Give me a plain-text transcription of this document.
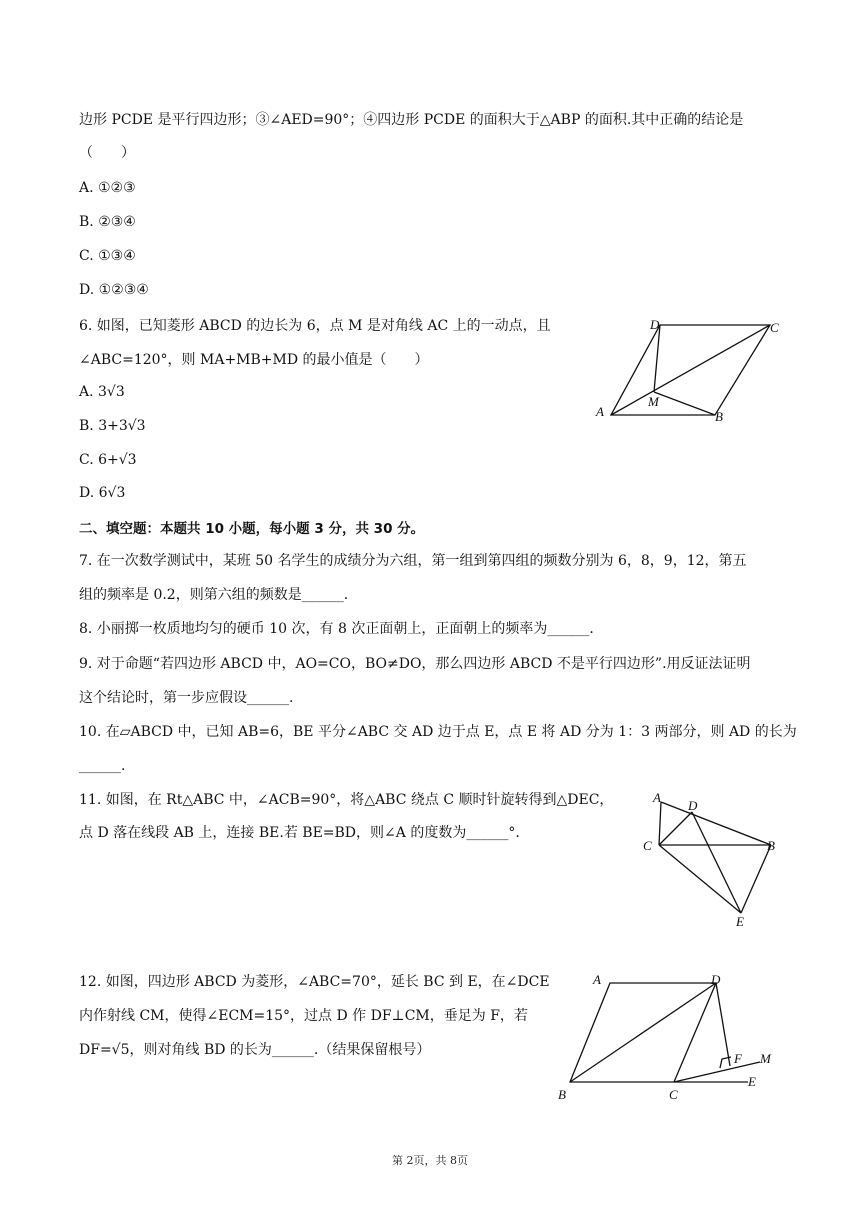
边形 PCDE 是平行四边形；③∠AED=90°；④四边形 PCDE 的面积大于△ABP 的面积.其中正确的结论是
（　　）
A. ①②③
B. ②③④
C. ①③④
D. ①②③④
6. 如图，已知菱形 ABCD 的边长为 6，点 M 是对角线 AC 上的一动点，且
∠ABC=120°，则 MA+MB+MD 的最小值是（　　）
A. 3√3
B. 3+3√3
C. 6+√3
D. 6√3
二、填空题：本题共 10 小题，每小题 3 分，共 30 分。
7. 在一次数学测试中，某班 50 名学生的成绩分为六组，第一组到第四组的频数分别为 6，8，9，12，第五
组的频率是 0.2，则第六组的频数是______.
8. 小丽掷一枚质地均匀的硬币 10 次，有 8 次正面朝上，正面朝上的频率为______.
9. 对于命题“若四边形 ABCD 中，AO=CO，BO≠DO，那么四边形 ABCD 不是平行四边形”.用反证法证明
这个结论时，第一步应假设______.
10. 在▱ABCD 中，已知 AB=6，BE 平分∠ABC 交 AD 边于点 E，点 E 将 AD 分为 1：3 两部分，则 AD 的长为
______.
11. 如图，在 Rt△ABC 中，∠ACB=90°，将△ABC 绕点 C 顺时针旋转得到△DEC，
点 D 落在线段 AB 上，连接 BE.若 BE=BD，则∠A 的度数为______°.
12. 如图，四边形 ABCD 为菱形，∠ABC=70°，延长 BC 到 E，在∠DCE
内作射线 CM，使得∠ECM=15°，过点 D 作 DF⊥CM，垂足为 F，若
DF=√5，则对角线 BD 的长为______.（结果保留根号）
D	C
M
A	B
A
D
C	B
E
A	D
F M
B	C
E
第 2页，共 8页
